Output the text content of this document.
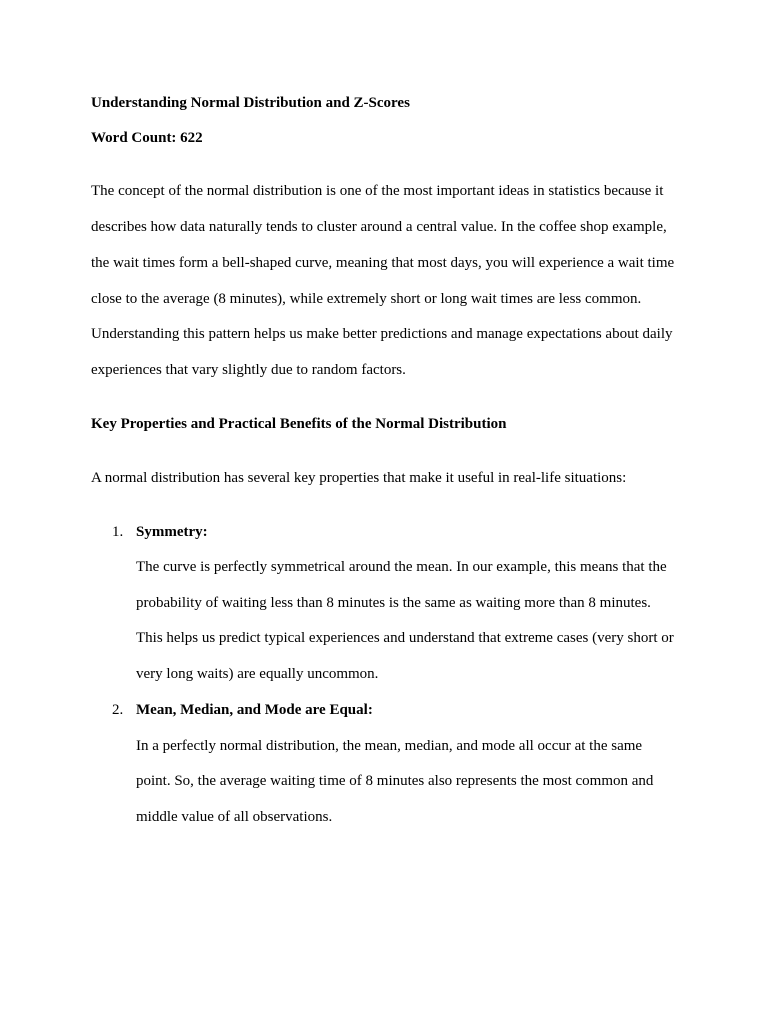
Understanding Normal Distribution and Z-Scores
Word Count: 622
The concept of the normal distribution is one of the most important ideas in statistics because it
describes how data naturally tends to cluster around a central value. In the coffee shop example,
the wait times form a bell-shaped curve, meaning that most days, you will experience a wait time
close to the average (8 minutes), while extremely short or long wait times are less common.
Understanding this pattern helps us make better predictions and manage expectations about daily
experiences that vary slightly due to random factors.
Key Properties and Practical Benefits of the Normal Distribution
A normal distribution has several key properties that make it useful in real-life situations:
1. Symmetry:
The curve is perfectly symmetrical around the mean. In our example, this means that the
probability of waiting less than 8 minutes is the same as waiting more than 8 minutes.
This helps us predict typical experiences and understand that extreme cases (very short or
very long waits) are equally uncommon.
2. Mean, Median, and Mode are Equal:
In a perfectly normal distribution, the mean, median, and mode all occur at the same
point. So, the average waiting time of 8 minutes also represents the most common and
middle value of all observations.
